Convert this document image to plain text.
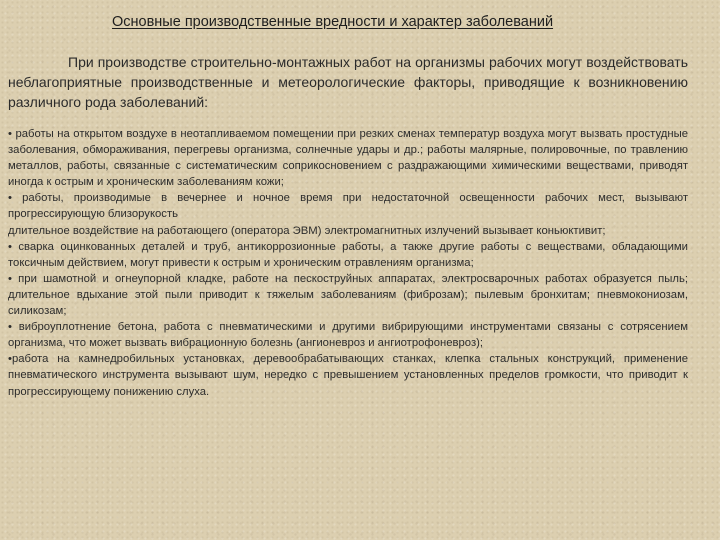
Основные производственные вредности и характер заболеваний

При производстве строительно-монтажных работ на организмы рабочих могут воздействовать неблагоприятные производственные и метеорологические факторы, приводящие к возникновению различного рода заболеваний:

• работы на открытом воздухе в неотапливаемом помещении при резких сменах температур воздуха могут вызвать простудные заболевания, обмораживания, перегревы организма, солнечные удары и др.; работы малярные, полировочные, по травлению металлов, работы, связанные с систематическим соприкосновением с раздражающими химическими веществами, приводят иногда к острым и хроническим заболеваниям кожи;

• работы, производимые в вечернее и ночное время при недостаточной освещенности рабочих мест, вызывают прогрессирующую близорукость

длительное воздействие на работающего (оператора ЭВМ) электромагнитных излучений вызывает коньюктивит;

• сварка оцинкованных деталей и труб, антикоррозионные работы, а также другие работы с веществами, обладающими токсичным действием, могут привести к острым и хроническим отравлениям организма;

• при шамотной и огнеупорной кладке, работе на пескоструйных аппаратах, электросварочных работах образуется пыль; длительное вдыхание этой пыли приводит к тяжелым заболеваниям (фиброзам); пылевым бронхитам; пневмокониозам, силикозам;

• виброуплотнение бетона, работа с пневматическими и другими вибрирующими инструментами связаны с сотрясением организма, что может вызвать вибрационную болезнь (ангионевроз и ангиотрофоневроз);

•работа на камнедробильных установках, деревообрабатывающих станках, клепка стальных конструкций, применение пневматического инструмента вызывают шум, нередко с превышением установленных пределов громкости, что приводит к прогрессирующему понижению слуха.
